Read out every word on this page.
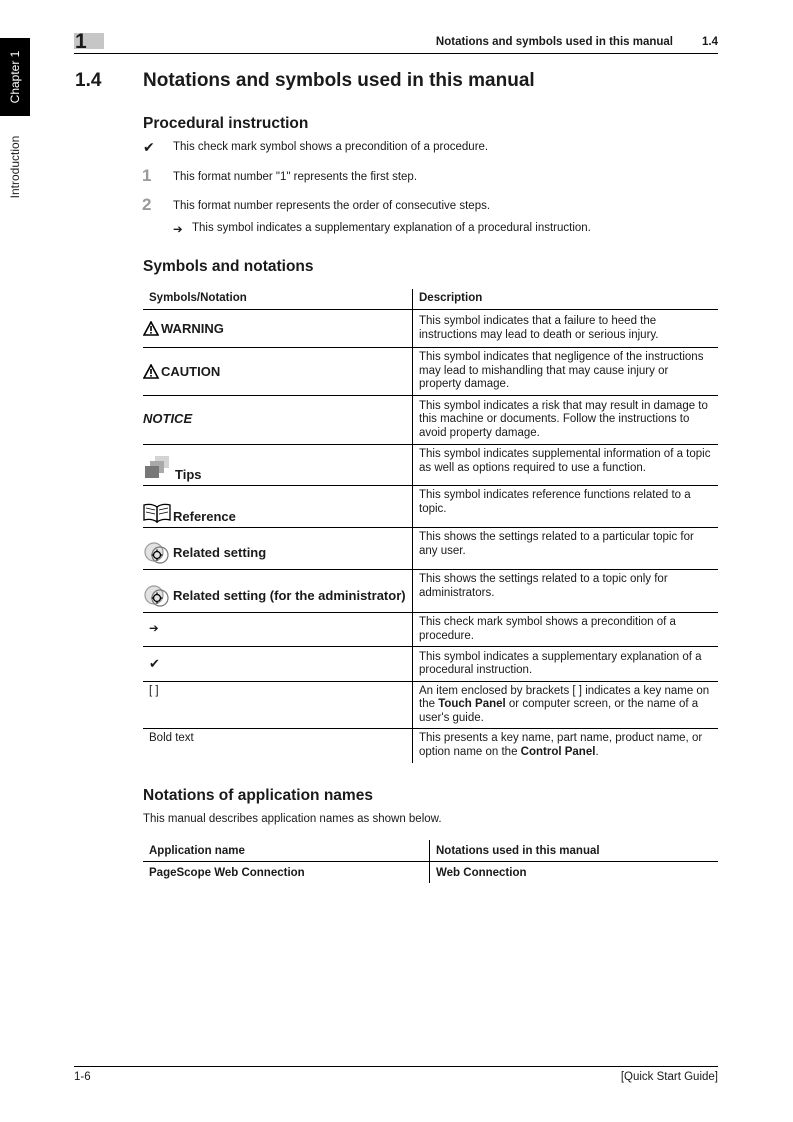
Chapter 1
Introduction
1	Notations and symbols used in this manual	1.4
1.4 Notations and symbols used in this manual
Procedural instruction
✔ This check mark symbol shows a precondition of a procedure.
1 This format number "1" represents the first step.
2 This format number represents the order of consecutive steps.
➔ This symbol indicates a supplementary explanation of a procedural instruction.
Symbols and notations
Symbols/Notation	Description

WARNING	This symbol indicates that a failure to heed the instructions may lead to death or serious injury.

CAUTION	This symbol indicates that negligence of the instructions may lead to mishandling that may cause injury or property damage.
NOTICE	This symbol indicates a risk that may result in damage to this machine or documents. Follow the instructions to avoid property damage.

Tips	This symbol indicates supplemental information of a topic as well as options required to use a function.

Reference	This symbol indicates reference functions related to a topic.

Related setting	This shows the settings related to a particular topic for any user.

Related setting (for the administrator)	This shows the settings related to a topic only for administrators.
➔	This check mark symbol shows a precondition of a procedure.
✔	This symbol indicates a supplementary explanation of a procedural instruction.
[ ]	An item enclosed by brackets [ ] indicates a key name on the Touch Panel or computer screen, or the name of a user's guide.
Bold text	This presents a key name, part name, product name, or option name on the Control Panel.
Notations of application names
This manual describes application names as shown below.
Application name	Notations used in this manual
PageScope Web Connection	Web Connection
1-6	[Quick Start Guide]
